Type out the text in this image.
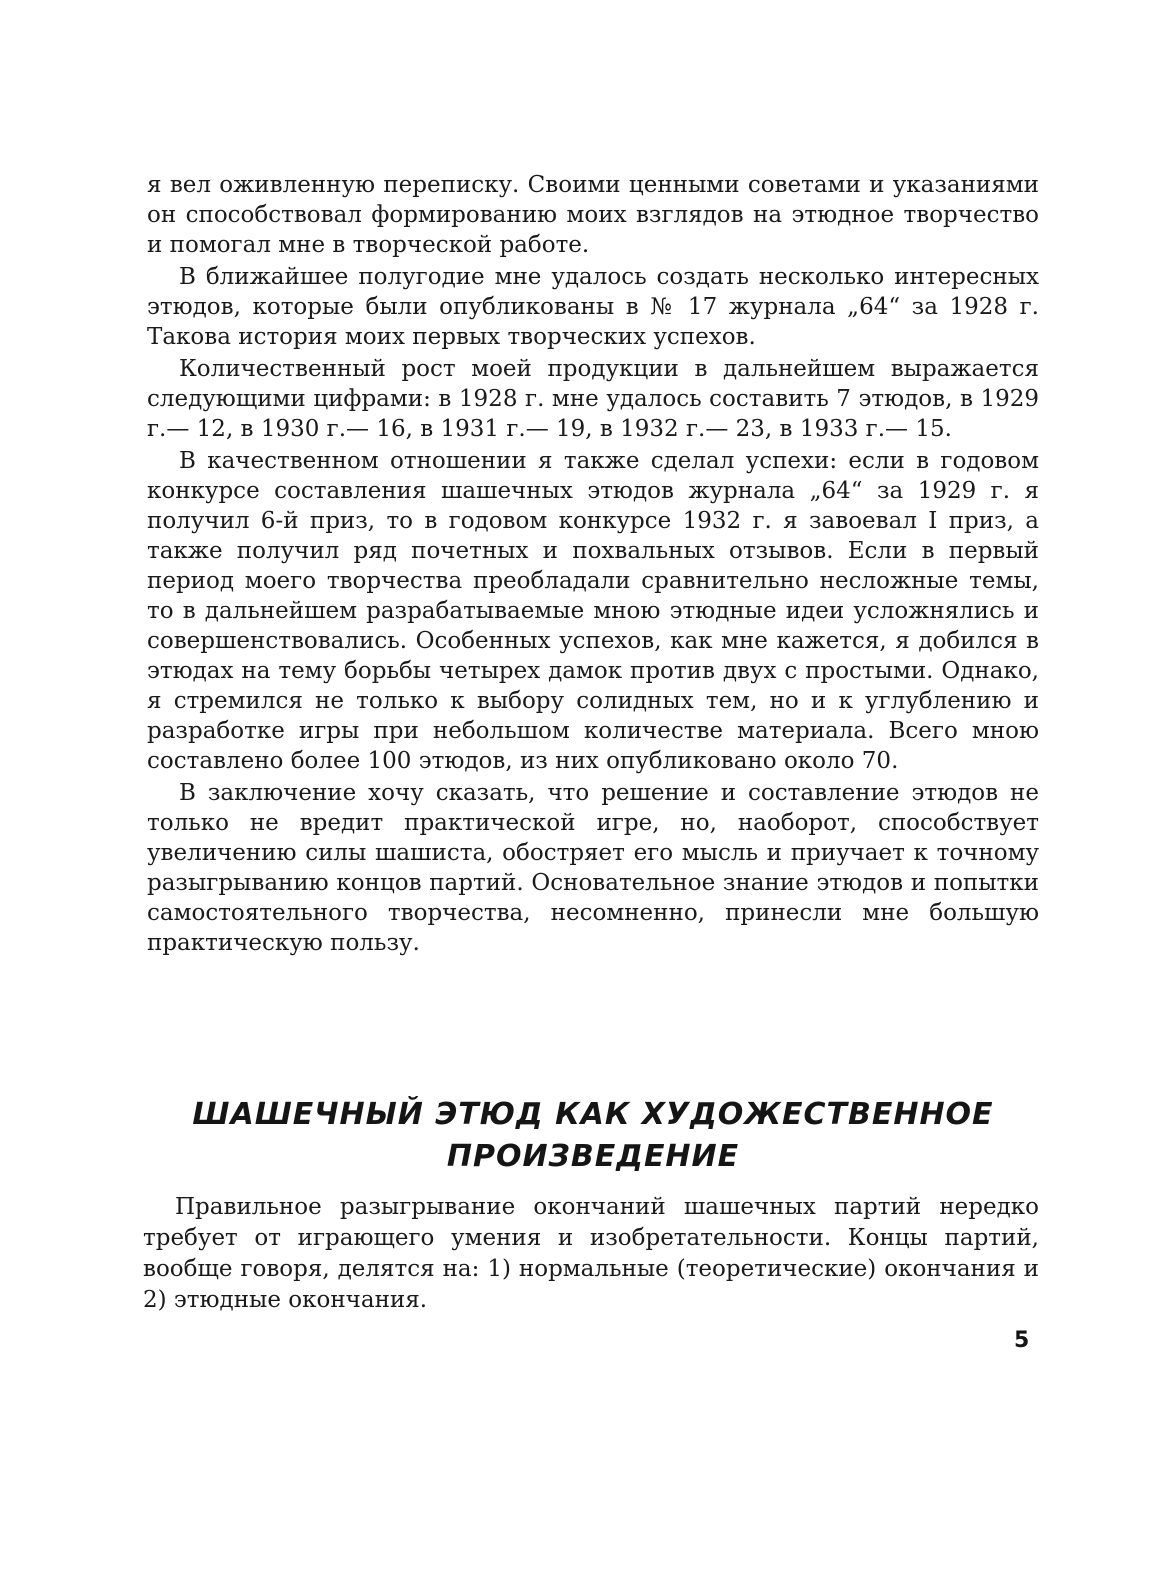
я вел оживленную переписку. Своими ценными советами и указаниями он способствовал формированию моих взглядов на этюдное творчество и помогал мне в творческой работе.

В ближайшее полугодие мне удалось создать несколько интересных этюдов, которые были опубликованы в № 17 журнала „64“ за 1928 г. Такова история моих первых творческих успехов.

Количественный рост моей продукции в дальнейшем выражается следующими цифрами: в 1928 г. мне удалось составить 7 этюдов, в 1929 г.— 12, в 1930 г.— 16, в 1931 г.— 19, в 1932 г.— 23, в 1933 г.— 15.

В качественном отношении я также сделал успехи: если в годовом конкурсе составления шашечных этюдов журнала „64“ за 1929 г. я получил 6-й приз, то в годовом конкурсе 1932 г. я завоевал I приз, а также получил ряд почетных и похвальных отзывов. Если в первый период моего творчества преобладали сравнительно несложные темы, то в дальнейшем разрабатываемые мною этюдные идеи усложнялись и совершенствовались. Особенных успехов, как мне кажется, я добился в этюдах на тему борьбы четырех дамок против двух с простыми. Однако, я стремился не только к выбору солидных тем, но и к углублению и разработке игры при небольшом количестве материала. Всего мною составлено более 100 этюдов, из них опубликовано около 70.

В заключение хочу сказать, что решение и составление этюдов не только не вредит практической игре, но, наоборот, способствует увеличению силы шашиста, обостряет его мысль и приучает к точному разыгрыванию концов партий. Основательное знание этюдов и попытки самостоятельного творчества, несомненно, принесли мне большую практическую пользу.

ШАШЕЧНЫЙ ЭТЮД КАК ХУДОЖЕСТВЕННОЕ
ПРОИЗВЕДЕНИЕ

Правильное разыгрывание окончаний шашечных партий нередко требует от играющего умения и изобретательности. Концы партий, вообще говоря, делятся на: 1) нормальные (теоретические) окончания и 2) этюдные окончания.

5
